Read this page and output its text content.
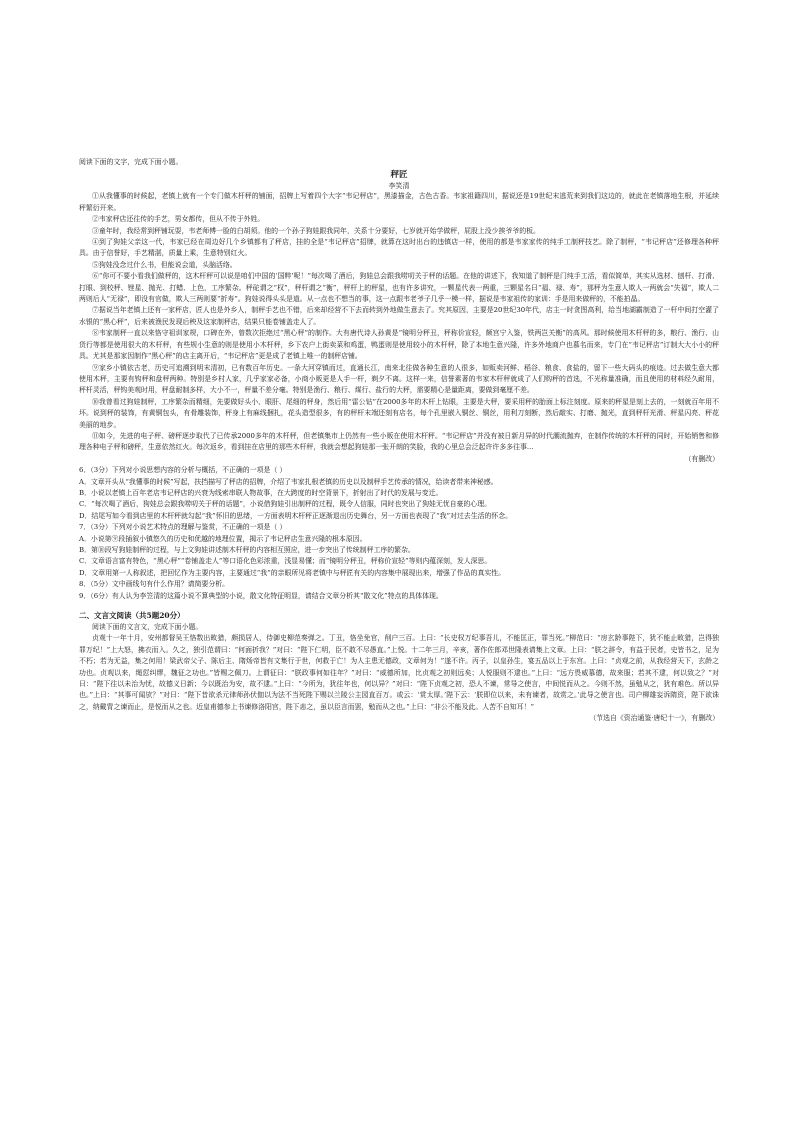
阅读下面的文字，完成下面小题。

秤匠
李笑清

①从我懂事的时候起，老镇上就有一个专门做木杆秤的铺面，招牌上写着四个大字“韦记秤店”，黑漆描金，古色古香。韦家祖籍四川，据说还是19世纪末逃荒来到我们这边的，就此在老镇落地生根，并延续秤繁衍开来。

②韦家秤店还往传的手艺，男女都传，但从不传于外姓。

③童年时，我经常到秤铺玩耍，韦老师傅一脸的白胡须。他的一个孙子狗娃跟我同年，关系十分要好，七岁就开始学做秤，屁股上没少挨爷爷的板。

④到了狗娃父亲这一代，韦家已经在周边好几个乡镇都有了秤店，挂的全是“韦记秤店”招牌，就算在这时出台的违镇店一样，使用的都是韦家家传的纯手工制秤技艺。除了制秤，“韦记秤店”还修理各种秤具。由于信誉好，手艺精湛，质量上乘，生意特别红火。

⑤狗娃没念过什么书，但能说会道，头脑活络。

⑥“你可不要小看我们做秤的，这木杆秤可以说是咱们中国的‘国粹’呢！”每次喝了酒后，狗娃总会跟我唠叨关于秤的话题。在他的讲述下，我知道了制秤是门纯手工活，看似简单，其实从选材、刨杆、打滑、打眼、到校秤、锉星、抛光、打蜡、上色，工序繁杂。秤砣谓之“权”，秤杆谓之“衡”，秤杆上的秤星，也有许多讲究，一颗星代表一两重，三颗星名曰“福、禄、寿”，那秤为生意人欺人一两就会“失福”，欺人二两则后人“无禄”，即没有官做，欺人三两则要“折寿”。狗娃说得头头是道。从一点也不想当的事，这一点跟韦老爷子几乎一模一样，据说是韦家祖传的家训：手是用来做秤的，不能拍晶。

⑦据说当年老镇上还有一家秤店，匠人也是外乡人，制秤手艺也不错，后来却经营不下去而转到外地做生意去了。究其原因，主要是20世纪30年代，店主一时贪图高利，给当地湖霸制造了一杆中间打空灌了水银的“黑心秤”，后来被渔民发现后秧及这家制秤店，结果只能卷铺盖走人了。

⑧韦家制秤一直以来恪守祖训家规，口碑在外，曾数次拒绝过“黑心秤”的制作。大有唐代诗人孙黄是“镜明分秤丑，秤称价宣轻，颇宫宁入鉴，铁两岂关衡”的高风。那时候使用木杆秤的多，粮行、渔行、山货行等都是使用很大的木杆秤，有些规小生意的则是使用小木杆秤，乡下农户上街卖菜和鸡蛋，鸭蛋则是使用较小的木杆秤，除了本地生意兴隆，许多外地商户也慕名而来，专门在“韦记秤店”订制大大小小的秤具。尤其是那家因制作“黑心秤”的店主离开后，“韦记秤店”更是成了老镇上唯一的制秤店铺。

⑨家乡小镇依古老，历史可追溯到明末清初，已有数百年历史。一条大河穿镇而过，直通长江，南来北往做各种生意的人很多，如贩卖河鲜、稻谷、粮食、食盐的，留下一些大码头的痕迹。过去做生意大都使用木秤，主要有钩秤和盘秤两种。特别是乡村人家，几乎家家必备，小商小贩更是人手一杆，剃夕不离。这样一来，信誉素著的韦家木杆秤就成了人们购秤的首选，不光称量准确，而且使用的材料经久耐用，秤杆灵活，秤钩美观时用，秤盘耐制多样，大小不一，秤量不差分毫。特别是渔行、粮行、煤行、盐行的大秤，需要精心是量距离，要做到毫厘不差。

⑩我曾看过狗娃制秤，工序繁杂而精细，先要做好头小、眼肝、尾细的秤身，然后用“雷公钻”在2000多年的木杆上钻眼，主要是大秤，要采用秤的胎面上标注刻度。原来的秤星是刻上去的，一刻就百年用不坏。说到秤的装饰，有黄铜包头，有骨雕装饰，秤身上有麻线捆扎，花头造型很多，有的秤杆末端还刻有店名，每个孔里嵌入铜丝、铜丝，用利刀刻断，然后敲实、打磨、抛光，直到秤杆光滑、秤星闪亮、秤花美丽的地步。

⑪如今，先进的电子秤、磅秤逐步取代了已传承2000多年的木杆秤，但老镇集市上仍然有一些小贩在使用木杆秤。“韦记秤店”并没有被日新月异的时代潮流抛弃，在制作传统的木杆秤的同时，开始销售和修理各种电子秤和磅秤，生意依然红火。每次返乡，看到挂在店里的那些木杆秤，我就会想起狗娃那一张开朗的笑脸，我的心里总会泛起许许多多往事...

（有删改）

6．（3分）下列对小说思想内容的分析与概括，不正确的一项是（ ）

A．文章开头从“我懂事的时候”写起，扶挡描写了秤店的招牌，介绍了韦家扎根老镇的历史以及制秤手艺传承的情况，给读者带来神秘感。

B．小说以老镇上百年老店韦记秤店的兴衰为线索串联人物故事，在大跨度的时空背景下，折射出了时代的发展与变迁。

C．“每次喝了酒后，狗娃总会跟我唠叨关于秤的话题”，小说借狗娃引出制秤的过程，既令人信服，同时也突出了狗娃无忧自豪的心理。

D．结尾写如今看到店里的木杆秤就勾起“我”怀旧的思绪，一方面表明木杆秤正逐渐退出历史舞台，另一方面也表现了“我”对过去生活的怀念。

7．（3分）下列对小说艺术特点的理解与鉴赏，不正确的一项是（ ）

A．小说第⑨段插叙小镇悠久的历史和优越的地理位置，揭示了韦记秤店生意兴隆的根本原因。

B．第⑩段写狗娃制秤的过程，与上文狗娃讲述制木杆秤的内容相互照应，进一步突出了传统制秤工序的繁杂。

C．文章语言富有特色，“黑心秤”“卷铺盖走人”等口语化色彩浓重，浅显易懂；而“镜明分秤丑，秤称价宣轻”等则内蕴深刻，发人深思。

D．文章用第一人称叙述，把回忆作为主要内容，主要通过“我”的亲眼所见将老镇中与秤匠有关的内容集中展现出来，增强了作品的真实性。

8．（5分）文中画线句有什么作用？请简要分析。

9．（6分）有人认为李笠清的这篇小说不算典型的小说，散文化特征明显，请结合文章分析其“散文化”特点的具体体现。

二、文言文阅读（共5题20分）

阅读下面的文言文，完成下面小题。

贞观十一年十月，安州都督吴王恪数出畋猎，颇损居人，侍御史柳范奏弹之。丁丑，恪坐免官，削户三百。上曰：“长史权万纪事吾儿，不能匡正，罪当死。”柳范曰：“房玄龄事陛下，犹不能止畋猎，岂得独罪万纪！”上大怒，拂衣而入。久之，独引范谓曰：“何面折我？”对曰：“陛下仁明，臣不敢不尽愚直。”上悦。十二年三月，辛亥，著作佐郎邓世隆表请集上文章。上曰：“朕之辞令，有益于民者，史皆书之，足为不朽；若为无益，集之何用！梁武帝父子、陈后主、隋炀帝皆有文集行于世，何救于亡！为人主患无德政，文章何为！”遂不许。丙子，以皇孙生，宴五品以上于东宫。上曰：“贞观之前，从我经营天下，玄龄之功也。贞观以来，绳愆纠缪，魏征之功也。”皆赐之佩刀。上谓征曰：“朕政事何如往年？”对曰：“威德所加，比贞观之初则远矣；人悦服则不逮也。”上曰：“远方畏威慕德，故来服；若其不逮，何以致之？”对曰：“陛下往以未治为忧，故德义日新；今以既治为安，故不逮。”上曰：“今所为，犹往年也，何以异？”对曰：“陛下贞观之初，恐人不谏，常导之使言，中间悦而从之。今则不然，虽勉从之，犹有难色。所以异也。”上曰：“其事可闻欤？”对曰：“陛下昔欲杀元律师孙伏伽以为法不当死陛下赐以兰陵公主园直百万。或云：‘赏太厚。’陛下云：‘朕即位以来，未有谏者，故赏之。’此导之使言也。司户柳雄妄诉隋资，陛下欲诛之，纳戴胄之谏而止，是悦而从之也。近皇甫德参上书谏修洛阳宫，陛下恚之，虽以臣言而罢，勉而从之也。”上曰：“非公不能及此。人苦不自知耳！”

（节选自《资治通鉴·唐纪十一》，有删改）
